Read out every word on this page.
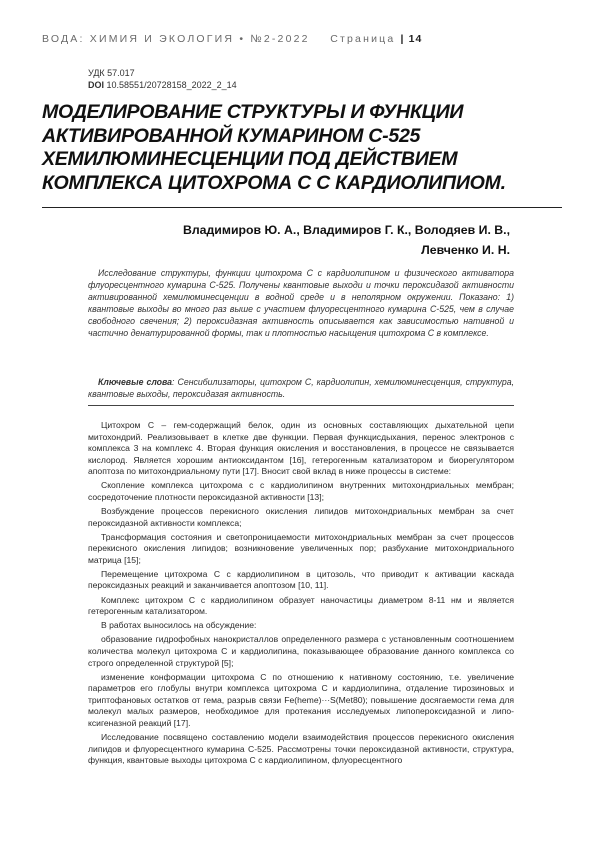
ВОДА: ХИМИЯ И ЭКОЛОГИЯ • №2-2022 Страница | 14
УДК 57.017
DOI 10.58551/20728158_2022_2_14
МОДЕЛИРОВАНИЕ СТРУКТУРЫ И ФУНКЦИИ
АКТИВИРОВАННОЙ КУМАРИНОМ С-525
ХЕМИЛЮМИНЕСЦЕНЦИИ ПОД ДЕЙСТВИЕМ
КОМПЛЕКСА ЦИТОХРОМА С С КАРДИОЛИПИОМ.
Владимиров Ю. А., Владимиров Г. К., Володяев И. В.,
Левченко И. Н.
Исследование структуры, функции цитохрома С с кардиолипином и физического активатора флуоресцентного кумарина С-525. Получены квантовые выходи и точки пероксидазой активности активированной хемилюминесценции в водной среде и в неполярном окружении. Показано: 1) квантовые выходы во много раз выше с участием флуоресцентного кумарина С-525, чем в случае свободного свечения; 2) пероксидазная активность описывается как зависимостью нативной и частично денатурированной формы, так и плотностью насыщения цитохрома С в комплексе.
Ключевые слова: Сенсибилизаторы, цитохром С, кардиолипин, хемилюминесценция, структура, квантовые выходы, пероксидазая активность.

Цитохром С – гем-содержащий белок, один из основных составляющих дыхательной цепи митохондрий. Реализовывает в клетке две функции. Первая функцисдыхания, перенос электронов с комплекса 3 на комплекс 4. Вторая функция окисления и восстановления, в процессе не связывается кислород. Является хорошим антиоксидантом [16], гетерогенным катализатором и биорегулятором апоптоза по митохондриальному пути [17]. Вносит свой вклад в ниже процессы в системе:

Скопление комплекса цитохрома с с кардиолипином внутренних митохондриальных мембран; сосредоточение плотности пероксидазной активности [13];

Возбуждение процессов перекисного окисления липидов митохондриальных мембран за счет пероксидазной активности комплекса;

Трансформация состояния и светопроницаемости митохондриальных мембран за счет процессов перекисного окисления липидов; возникновение увеличенных пор; разбухание митохондриального матрица [15];

Перемещение цитохрома С с кардиолипином в цитозоль, что приводит к активации каскада пероксидазных реакций и заканчивается апоптозом [10, 11].

Комплекс цитохром С с кардиолипином образует наночастицы диаметром 8-11 нм и является гетерогенным катализатором.

В работах выносилось на обсуждение:

образование гидрофобных нанокристаллов определенного размера с установленным соотношением количества молекул цитохрома С и кардиолипина, показывающее образование данного комплекса со строго определенной структурой [5];

изменение конформации цитохрома С по отношению к нативному состоянию, т.е. увеличение параметров его глобулы внутри комплекса цитохрома С и кардиолипина, отдаление тирозиновых и триптофановых остатков от гема, разрыв связи Fe(heme)···S(Met80); повышение досягаемости гема для молекул малых размеров, необходимое для протекания исследуемых липопероксидазной и липо-ксигеназной реакций [17].

Исследование посвящено составлению модели взаимодействия процессов перекисного окисления липидов и флуоресцентного кумарина С-525. Рассмотрены точки пероксидазной активности, структура, функция, квантовые выходы цитохрома С с кардиолипином, флуоресцентного
